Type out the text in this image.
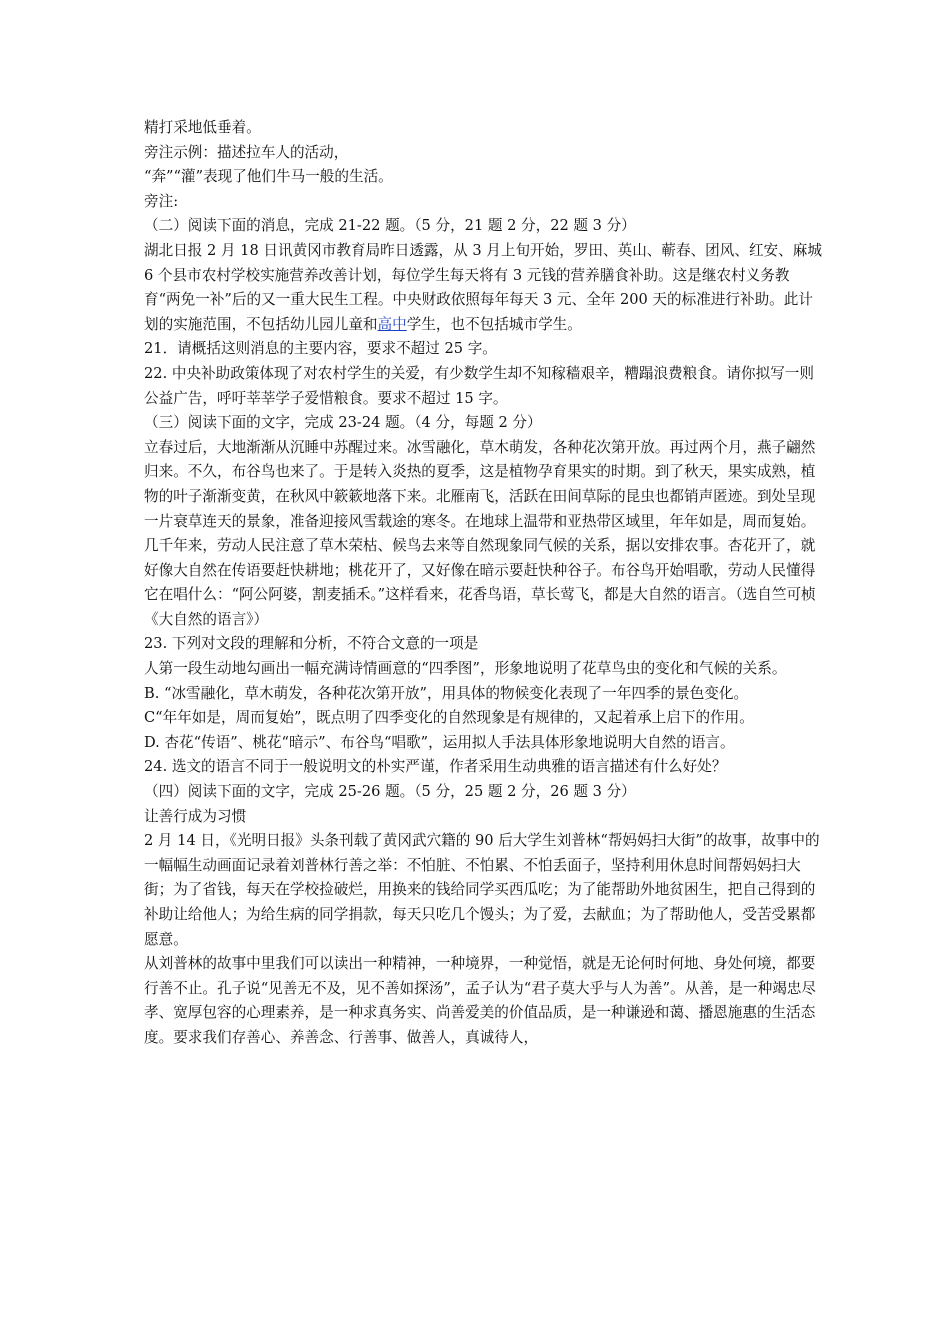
精打采地低垂着。

旁注示例：描述拉车人的活动，

“奔”“灌”表现了他们牛马一般的生活。

旁注:

（二）阅读下面的消息，完成 21-22 题。（5 分，21 题 2 分，22 题 3 分）

湖北日报 2 月 18 日讯黄冈市教育局昨日透露，从 3 月上旬开始，罗田、英山、蕲春、团风、红安、麻城 6 个县市农村学校实施营养改善计划，每位学生每天将有 3 元钱的营养膳食补助。这是继农村义务教育“两免一补”后的又一重大民生工程。中央财政依照每年每天 3 元、全年 200 天的标准进行补助。此计划的实施范围，不包括幼儿园儿童和高中学生，也不包括城市学生。

21．请概括这则消息的主要内容，要求不超过 25 字。

22. 中央补助政策体现了对农村学生的关爱，有少数学生却不知稼穑艰辛，糟蹋浪费粮食。请你拟写一则公益广告，呼吁莘莘学子爱惜粮食。要求不超过 15 字。

（三）阅读下面的文字，完成 23-24 题。（4 分，每题 2 分）

立春过后，大地渐渐从沉睡中苏醒过来。冰雪融化，草木萌发，各种花次第开放。再过两个月，燕子翩然归来。不久，布谷鸟也来了。于是转入炎热的夏季，这是植物孕育果实的时期。到了秋天，果实成熟，植物的叶子渐渐变黄，在秋风中簌簌地落下来。北雁南飞，活跃在田间草际的昆虫也都销声匿迹。到处呈现一片衰草连天的景象，准备迎接风雪载途的寒冬。在地球上温带和亚热带区域里，年年如是，周而复始。

几千年来，劳动人民注意了草木荣枯、候鸟去来等自然现象同气候的关系，据以安排农事。杏花开了，就好像大自然在传语要赶快耕地；桃花开了，又好像在暗示要赶快种谷子。布谷鸟开始唱歌，劳动人民懂得它在唱什么：“阿公阿婆，割麦插禾。”这样看来，花香鸟语，草长莺飞，都是大自然的语言。（选自竺可桢《大自然的语言》）

23. 下列对文段的理解和分析，不符合文意的一项是

人第一段生动地勾画出一幅充满诗情画意的“四季图”，形象地说明了花草鸟虫的变化和气候的关系。

B. “冰雪融化，草木萌发，各种花次第开放”，用具体的物候变化表现了一年四季的景色变化。

C“年年如是，周而复始”，既点明了四季变化的自然现象是有规律的，又起着承上启下的作用。

D. 杏花“传语”、桃花“暗示”、布谷鸟“唱歌”，运用拟人手法具体形象地说明大自然的语言。

24. 选文的语言不同于一般说明文的朴实严谨，作者采用生动典雅的语言描述有什么好处？

（四）阅读下面的文字，完成 25-26 题。（5 分，25 题 2 分，26 题 3 分）

让善行成为习惯

2 月 14 日，《光明日报》头条刊载了黄冈武穴籍的 90 后大学生刘普林“帮妈妈扫大街”的故事，故事中的一幅幅生动画面记录着刘普林行善之举：不怕脏、不怕累、不怕丢面子，坚持利用休息时间帮妈妈扫大街；为了省钱，每天在学校捡破烂，用换来的钱给同学买西瓜吃；为了能帮助外地贫困生，把自己得到的补助让给他人；为给生病的同学捐款，每天只吃几个馒头；为了爱，去献血；为了帮助他人，受苦受累都愿意。

从刘普林的故事中里我们可以读出一种精神，一种境界，一种觉悟，就是无论何时何地、身处何境，都要行善不止。孔子说“见善无不及，见不善如探汤”，孟子认为“君子莫大乎与人为善”。从善，是一种竭忠尽孝、宽厚包容的心理素养，是一种求真务实、尚善爱美的价值品质，是一种谦逊和蔼、播恩施惠的生活态度。要求我们存善心、养善念、行善事、做善人，真诚待人，
